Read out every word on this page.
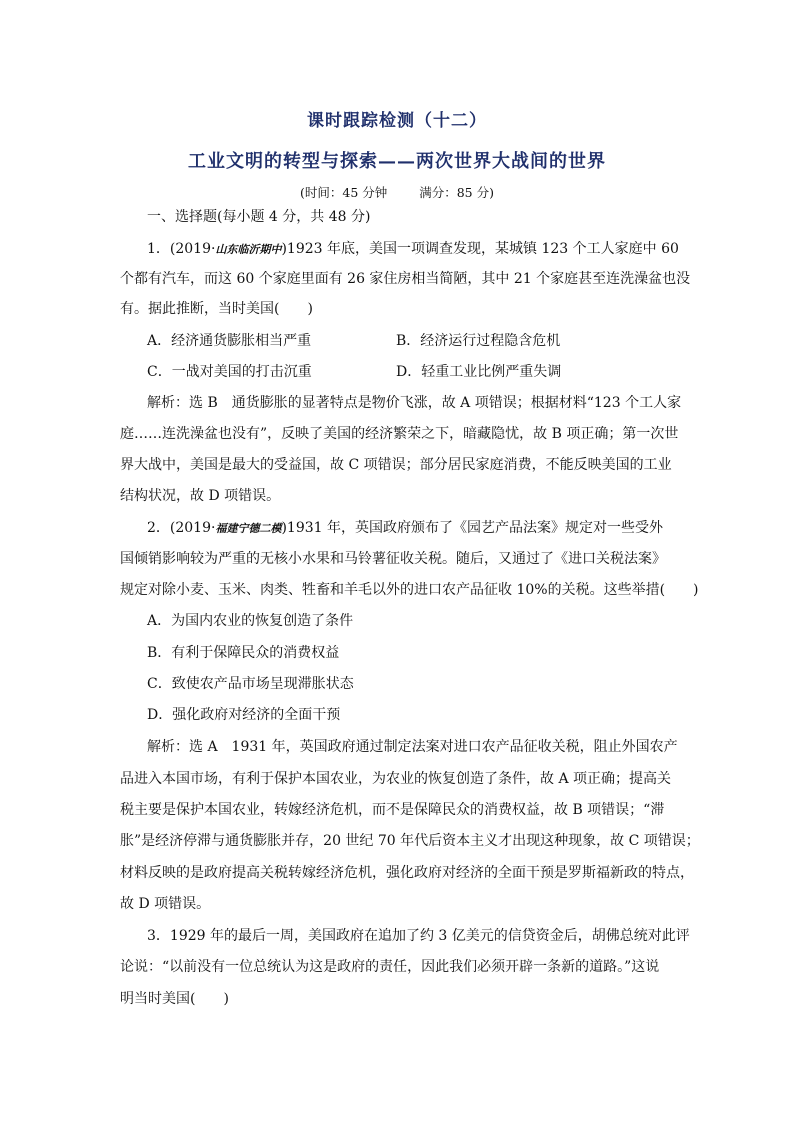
课时跟踪检测（十二）
工业文明的转型与探索——两次世界大战间的世界
(时间：45 分钟	满分：85 分)
一、选择题(每小题 4 分，共 48 分)
1．(2019·山东临沂期中)1923 年底，美国一项调查发现，某城镇 123 个工人家庭中 60
个都有汽车，而这 60 个家庭里面有 26 家住房相当简陋，其中 21 个家庭甚至连洗澡盆也没
有。据此推断，当时美国(　　)
A．经济通货膨胀相当严重	B．经济运行过程隐含危机
C．一战对美国的打击沉重	D．轻重工业比例严重失调
解析：选 B　通货膨胀的显著特点是物价飞涨，故 A 项错误；根据材料“123 个工人家
庭……连洗澡盆也没有”，反映了美国的经济繁荣之下，暗藏隐忧，故 B 项正确；第一次世
界大战中，美国是最大的受益国，故 C 项错误；部分居民家庭消费，不能反映美国的工业
结构状况，故 D 项错误。
2．(2019·福建宁德二模)1931 年，英国政府颁布了《园艺产品法案》规定对一些受外
国倾销影响较为严重的无核小水果和马铃薯征收关税。随后，又通过了《进口关税法案》
规定对除小麦、玉米、肉类、牲畜和羊毛以外的进口农产品征收 10%的关税。这些举措(　　)
A．为国内农业的恢复创造了条件
B．有利于保障民众的消费权益
C．致使农产品市场呈现滞胀状态
D．强化政府对经济的全面干预
解析：选 A　1931 年，英国政府通过制定法案对进口农产品征收关税，阻止外国农产
品进入本国市场，有利于保护本国农业，为农业的恢复创造了条件，故 A 项正确；提高关
税主要是保护本国农业，转嫁经济危机，而不是保障民众的消费权益，故 B 项错误；“滞
胀”是经济停滞与通货膨胀并存，20 世纪 70 年代后资本主义才出现这种现象，故 C 项错误；
材料反映的是政府提高关税转嫁经济危机，强化政府对经济的全面干预是罗斯福新政的特点，
故 D 项错误。
3．1929 年的最后一周，美国政府在追加了约 3 亿美元的信贷资金后，胡佛总统对此评
论说：“以前没有一位总统认为这是政府的责任，因此我们必须开辟一条新的道路。”这说
明当时美国(　　)
